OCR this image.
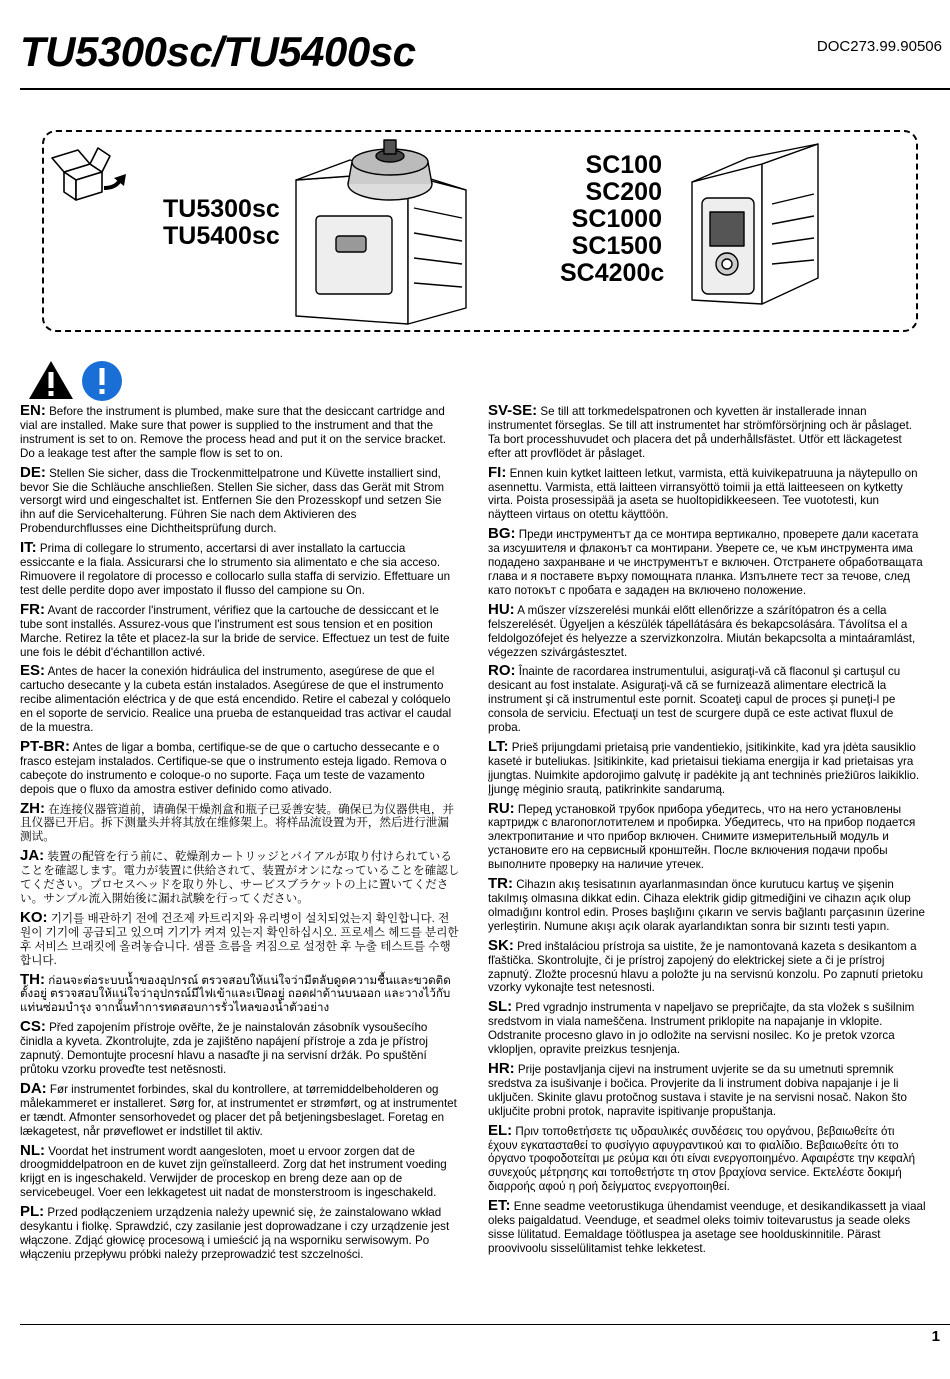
TU5300sc/TU5400sc	DOC273.99.90506
TU5300sc
TU5400sc
SC100
SC200
SC1000
SC1500
SC4200c
EN: Before the instrument is plumbed, make sure that the desiccant cartridge and vial are installed. Make sure that power is supplied to the instrument and that the instrument is set to on. Remove the process head and put it on the service bracket. Do a leakage test after the sample flow is set to on.
DE: Stellen Sie sicher, dass die Trockenmittelpatrone und Küvette installiert sind, bevor Sie die Schläuche anschließen. Stellen Sie sicher, dass das Gerät mit Strom versorgt wird und eingeschaltet ist. Entfernen Sie den Prozesskopf und setzen Sie ihn auf die Servicehalterung. Führen Sie nach dem Aktivieren des Probendurchflusses eine Dichtheitsprüfung durch.
IT: Prima di collegare lo strumento, accertarsi di aver installato la cartuccia essiccante e la fiala. Assicurarsi che lo strumento sia alimentato e che sia acceso. Rimuovere il regolatore di processo e collocarlo sulla staffa di servizio. Effettuare un test delle perdite dopo aver impostato il flusso del campione su On.
FR: Avant de raccorder l'instrument, vérifiez que la cartouche de dessiccant et le tube sont installés. Assurez-vous que l'instrument est sous tension et en position Marche. Retirez la tête et placez-la sur la bride de service. Effectuez un test de fuite une fois le débit d'échantillon activé.
ES: Antes de hacer la conexión hidráulica del instrumento, asegúrese de que el cartucho desecante y la cubeta están instalados. Asegúrese de que el instrumento recibe alimentación eléctrica y de que está encendido. Retire el cabezal y colóquelo en el soporte de servicio. Realice una prueba de estanqueidad tras activar el caudal de la muestra.
PT-BR: Antes de ligar a bomba, certifique-se de que o cartucho dessecante e o frasco estejam instalados. Certifique-se que o instrumento esteja ligado. Remova o cabeçote do instrumento e coloque-o no suporte. Faça um teste de vazamento depois que o fluxo da amostra estiver definido como ativado.
ZH: 在连接仪器管道前，请确保干燥剂盒和瓶子已妥善安装。确保已为仪器供电，并且仪器已开启。拆下测量头并将其放在维修架上。将样品流设置为开，然后进行泄漏测试。
JA: 装置の配管を行う前に、乾燥剤カートリッジとバイアルが取り付けられていることを確認します。電力が装置に供給されて、装置がオンになっていることを確認してください。プロセスヘッドを取り外し、サービスブラケットの上に置いてください。サンプル流入開始後に漏れ試験を行ってください。
KO: 기기를 배관하기 전에 건조제 카트리지와 유리병이 설치되었는지 확인합니다. 전원이 기기에 공급되고 있으며 기기가 켜져 있는지 확인하십시오. 프로세스 헤드를 분리한 후 서비스 브래킷에 올려놓습니다. 샘플 흐름을 켜짐으로 설정한 후 누출 테스트를 수행합니다.
TH: ก่อนจะต่อระบบน้ำของอุปกรณ์ ตรวจสอบให้แน่ใจว่ามีตลับดูดความชื้นและขวดติดตั้งอยู่ ตรวจสอบให้แน่ใจว่าอุปกรณ์มีไฟเข้าและเปิดอยู่ ถอดฝาด้านบนออก และวางไว้กับแท่นซ่อมบำรุง จากนั้นทำการทดสอบการรั่วไหลของน้ำตัวอย่าง
CS: Před zapojením přístroje ověřte, že je nainstalován zásobník vysoušecího činidla a kyveta. Zkontrolujte, zda je zajištěno napájení přístroje a zda je přístroj zapnutý. Demontujte procesní hlavu a nasaďte ji na servisní držák. Po spuštění průtoku vzorku proveďte test netěsnosti.
DA: Før instrumentet forbindes, skal du kontrollere, at tørremiddelbeholderen og målekammeret er installeret. Sørg for, at instrumentet er strømført, og at instrumentet er tændt. Afmonter sensorhovedet og placer det på betjeningsbeslaget. Foretag en lækagetest, når prøveflowet er indstillet til aktiv.
NL: Voordat het instrument wordt aangesloten, moet u ervoor zorgen dat de droogmiddelpatroon en de kuvet zijn geïnstalleerd. Zorg dat het instrument voeding krijgt en is ingeschakeld. Verwijder de proceskop en breng deze aan op de servicebeugel. Voer een lekkagetest uit nadat de monsterstroom is ingeschakeld.
PL: Przed podłączeniem urządzenia należy upewnić się, że zainstalowano wkład desykantu i fiolkę. Sprawdzić, czy zasilanie jest doprowadzane i czy urządzenie jest włączone. Zdjąć głowicę procesową i umieścić ją na wsporniku serwisowym. Po włączeniu przepływu próbki należy przeprowadzić test szczelności.
SV-SE: Se till att torkmedelspatronen och kyvetten är installerade innan instrumentet förseglas. Se till att instrumentet har strömförsörjning och är påslaget. Ta bort processhuvudet och placera det på underhållsfästet. Utför ett läckagetest efter att provflödet är påslaget.
FI: Ennen kuin kytket laitteen letkut, varmista, että kuivikepatruuna ja näytepullo on asennettu. Varmista, että laitteen virransyöttö toimii ja että laitteeseen on kytketty virta. Poista prosessipää ja aseta se huoltopidikkeeseen. Tee vuototesti, kun näytteen virtaus on otettu käyttöön.
BG: Преди инструментът да се монтира вертикално, проверете дали касетата за изсушителя и флаконът са монтирани. Уверете се, че към инструмента има подадено захранване и че инструментът е включен. Отстранете обработващата глава и я поставете върху помощната планка. Изпълнете тест за течове, след като потокът с пробата е зададен на включено положение.
HU: A műszer vízszerelési munkái előtt ellenőrizze a szárítópatron és a cella felszerelését. Ügyeljen a készülék tápellátására és bekapcsolására. Távolítsa el a feldolgozófejet és helyezze a szervizkonzolra. Miután bekapcsolta a mintaáramlást, végezzen szivárgástesztet.
RO: Înainte de racordarea instrumentului, asiguraţi-vă că flaconul şi cartuşul cu desicant au fost instalate. Asiguraţi-vă că se furnizează alimentare electrică la instrument şi că instrumentul este pornit. Scoateţi capul de proces şi puneţi-l pe consola de serviciu. Efectuaţi un test de scurgere după ce este activat fluxul de proba.
LT: Prieš prijungdami prietaisą prie vandentiekio, įsitikinkite, kad yra įdėta sausiklio kasetė ir buteliukas. Įsitikinkite, kad prietaisui tiekiama energija ir kad prietaisas yra įjungtas. Nuimkite apdorojimo galvutę ir padėkite ją ant techninės priežiūros laikiklio. Įjungę mėginio srautą, patikrinkite sandarumą.
RU: Перед установкой трубок прибора убедитесь, что на него установлены картридж с влагопоглотителем и пробирка. Убедитесь, что на прибор подается электропитание и что прибор включен. Снимите измерительный модуль и установите его на сервисный кронштейн. После включения подачи пробы выполните проверку на наличие утечек.
TR: Cihazın akış tesisatının ayarlanmasından önce kurutucu kartuş ve şişenin takılmış olmasına dikkat edin. Cihaza elektrik gidip gitmediğini ve cihazın açık olup olmadığını kontrol edin. Proses başlığını çıkarın ve servis bağlantı parçasının üzerine yerleştirin. Numune akışı açık olarak ayarlandıktan sonra bir sızıntı testi yapın.
SK: Pred inštaláciou prístroja sa uistite, že je namontovaná kazeta s desikantom a fľaštička. Skontrolujte, či je prístroj zapojený do elektrickej siete a či je prístroj zapnutý. Zložte procesnú hlavu a položte ju na servisnú konzolu. Po zapnutí prietoku vzorky vykonajte test netesnosti.
SL: Pred vgradnjo instrumenta v napeljavo se prepričajte, da sta vložek s sušilnim sredstvom in viala nameščena. Instrument priklopite na napajanje in vklopite. Odstranite procesno glavo in jo odložite na servisni nosilec. Ko je pretok vzorca vklopljen, opravite preizkus tesnjenja.
HR: Prije postavljanja cijevi na instrument uvjerite se da su umetnuti spremnik sredstva za isušivanje i bočica. Provjerite da li instrument dobiva napajanje i je li uključen. Skinite glavu protočnog sustava i stavite je na servisni nosač. Nakon što uključite probni protok, napravite ispitivanje propuštanja.
EL: Πριν τοποθετήσετε τις υδραυλικές συνδέσεις του οργάνου, βεβαιωθείτε ότι έχουν εγκατασταθεί το φυσίγγιο αφυγραντικού και το φιαλίδιο. Βεβαιωθείτε ότι το όργανο τροφοδοτείται με ρεύμα και ότι είναι ενεργοποιημένο. Αφαιρέστε την κεφαλή συνεχούς μέτρησης και τοποθετήστε τη στον βραχίονα service. Εκτελέστε δοκιμή διαρροής αφού η ροή δείγματος ενεργοποιηθεί.
ET: Enne seadme veetorustikuga ühendamist veenduge, et desikandikassett ja viaal oleks paigaldatud. Veenduge, et seadmel oleks toimiv toitevarustus ja seade oleks sisse lülitatud. Eemaldage töötluspea ja asetage see hoolduskinnitile. Pärast proovivoolu sisselülitamist tehke lekketest.
1
